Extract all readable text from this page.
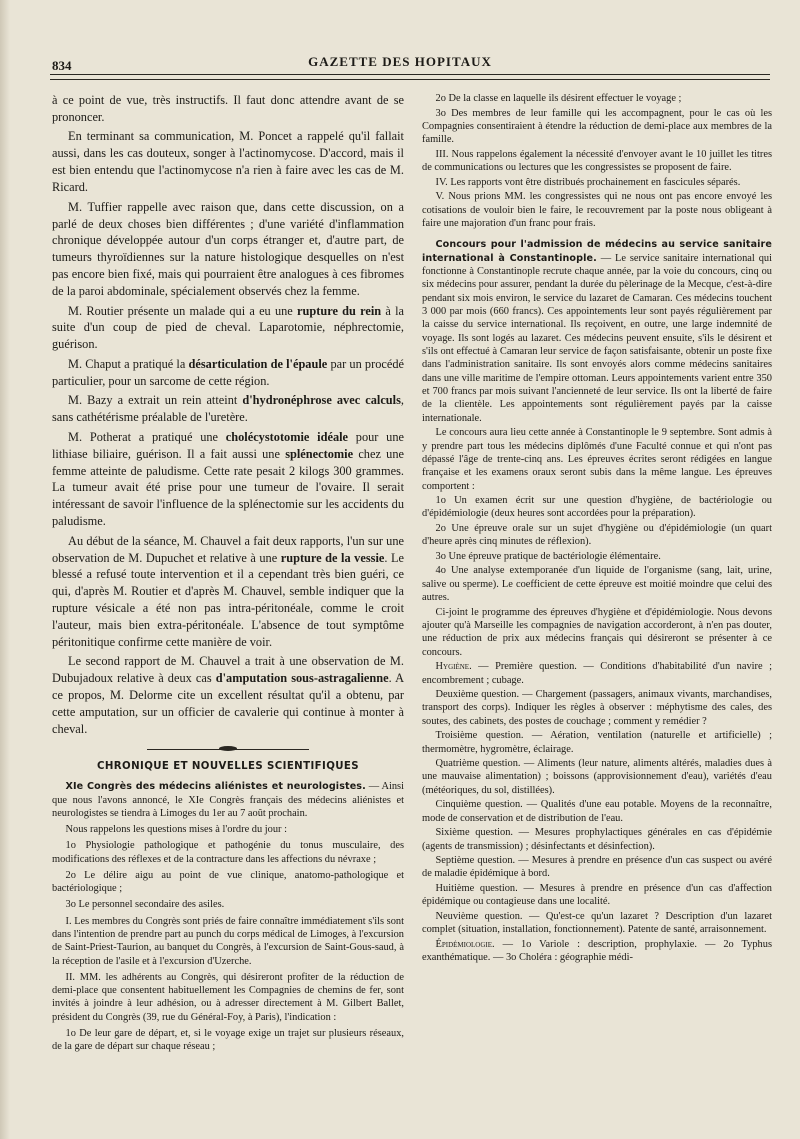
834	GAZETTE DES HOPITAUX

à ce point de vue, très instructifs. Il faut donc attendre avant de se prononcer.

En terminant sa communication, M. Poncet a rappelé qu'il fallait aussi, dans les cas douteux, songer à l'actinomycose. D'accord, mais il est bien entendu que l'actinomycose n'a rien à faire avec les cas de M. Ricard.

M. Tuffier rappelle avec raison que, dans cette discussion, on a parlé de deux choses bien différentes ; d'une variété d'inflammation chronique développée autour d'un corps étranger et, d'autre part, de tumeurs thyroïdiennes sur la nature histologique desquelles on n'est pas encore bien fixé, mais qui pourraient être analogues à ces fibromes de la paroi abdominale, spécialement observés chez la femme.

M. Routier présente un malade qui a eu une rupture du rein à la suite d'un coup de pied de cheval. Laparotomie, néphrectomie, guérison.

M. Chaput a pratiqué la désarticulation de l'épaule par un procédé particulier, pour un sarcome de cette région.

M. Bazy a extrait un rein atteint d'hydronéphrose avec calculs, sans cathétérisme préalable de l'uretère.

M. Potherat a pratiqué une cholécystotomie idéale pour une lithiase biliaire, guérison. Il a fait aussi une splénectomie chez une femme atteinte de paludisme. Cette rate pesait 2 kilogs 300 grammes. La tumeur avait été prise pour une tumeur de l'ovaire. Il serait intéressant de savoir l'influence de la splénectomie sur les accidents du paludisme.

Au début de la séance, M. Chauvel a fait deux rapports, l'un sur une observation de M. Dupuchet et relative à une rupture de la vessie. Le blessé a refusé toute intervention et il a cependant très bien guéri, ce qui, d'après M. Routier et d'après M. Chauvel, semble indiquer que la rupture vésicale a été non pas intra-péritonéale, comme le croit l'auteur, mais bien extra-péritonéale. L'absence de tout symptôme péritonitique confirme cette manière de voir.

Le second rapport de M. Chauvel a trait à une observation de M. Dubujadoux relative à deux cas d'amputation sous-astragalienne. A ce propos, M. Delorme cite un excellent résultat qu'il a obtenu, par cette amputation, sur un officier de cavalerie qui continue à monter à cheval.

CHRONIQUE ET NOUVELLES SCIENTIFIQUES

XIe Congrès des médecins aliénistes et neurologistes. — Ainsi que nous l'avons annoncé, le XIe Congrès français des médecins aliénistes et neurologistes se tiendra à Limoges du 1er au 7 août prochain.

Nous rappelons les questions mises à l'ordre du jour :

1o Physiologie pathologique et pathogénie du tonus musculaire, des modifications des réflexes et de la contracture dans les affections du névraxe ;

2o Le délire aigu au point de vue clinique, anatomo-pathologique et bactériologique ;

3o Le personnel secondaire des asiles.

I. Les membres du Congrès sont priés de faire connaître immédiatement s'ils sont dans l'intention de prendre part au punch du corps médical de Limoges, à l'excursion de Saint-Priest-Taurion, au banquet du Congrès, à l'excursion de Saint-Gous-saud, à la réception de l'asile et à l'excursion d'Uzerche.

II. MM. les adhérents au Congrès, qui désireront profiter de la réduction de demi-place que consentent habituellement les Compagnies de chemins de fer, sont invités à joindre à leur adhésion, ou à adresser directement à M. Gilbert Ballet, président du Congrès (39, rue du Général-Foy, à Paris), l'indication :

1o De leur gare de départ, et, si le voyage exige un trajet sur plusieurs réseaux, de la gare de départ sur chaque réseau ;

2o De la classe en laquelle ils désirent effectuer le voyage ;

3o Des membres de leur famille qui les accompagnent, pour le cas où les Compagnies consentiraient à étendre la réduction de demi-place aux membres de la famille.

III. Nous rappelons également la nécessité d'envoyer avant le 10 juillet les titres de communications ou lectures que les congressistes se proposent de faire.

IV. Les rapports vont être distribués prochainement en fascicules séparés.

V. Nous prions MM. les congressistes qui ne nous ont pas encore envoyé les cotisations de vouloir bien le faire, le recouvrement par la poste nous obligeant à faire une majoration d'un franc pour frais.

Concours pour l'admission de médecins au service sanitaire international à Constantinople. — Le service sanitaire international qui fonctionne à Constantinople recrute chaque année, par la voie du concours, cinq ou six médecins pour assurer, pendant la durée du pèlerinage de la Mecque, c'est-à-dire pendant six mois environ, le service du lazaret de Camaran. Ces médecins touchent 3 000 par mois (660 francs). Ces appointements leur sont payés régulièrement par la caisse du service international. Ils reçoivent, en outre, une large indemnité de voyage. Ils sont logés au lazaret. Ces médecins peuvent ensuite, s'ils le désirent et s'ils ont effectué à Camaran leur service de façon satisfaisante, obtenir un poste fixe dans l'administration sanitaire. Ils sont envoyés alors comme médecins sanitaires dans une ville maritime de l'empire ottoman. Leurs appointements varient entre 350 et 700 francs par mois suivant l'ancienneté de leur service. Ils ont la liberté de faire de la clientèle. Les appointements sont régulièrement payés par la caisse internationale.

Le concours aura lieu cette année à Constantinople le 9 septembre. Sont admis à y prendre part tous les médecins diplômés d'une Faculté connue et qui n'ont pas dépassé l'âge de trente-cinq ans. Les épreuves écrites seront rédigées en langue française et les examens oraux seront subis dans la même langue. Les épreuves comportent :

1o Un examen écrit sur une question d'hygiène, de bactériologie ou d'épidémiologie (deux heures sont accordées pour la préparation).

2o Une épreuve orale sur un sujet d'hygiène ou d'épidémiologie (un quart d'heure après cinq minutes de réflexion).

3o Une épreuve pratique de bactériologie élémentaire.

4o Une analyse extemporanée d'un liquide de l'organisme (sang, lait, urine, salive ou sperme). Le coefficient de cette épreuve est moitié moindre que celui des autres.

Ci-joint le programme des épreuves d'hygiène et d'épidémiologie. Nous devons ajouter qu'à Marseille les compagnies de navigation accorderont, à n'en pas douter, une réduction de prix aux médecins français qui désireront se présenter à ce concours.

Hygiène. — Première question. — Conditions d'habitabilité d'un navire ; encombrement ; cubage.

Deuxième question. — Chargement (passagers, animaux vivants, marchandises, transport des corps). Indiquer les règles à observer : méphytisme des cales, des soutes, des cabinets, des postes de couchage ; comment y remédier ?

Troisième question. — Aération, ventilation (naturelle et artificielle) ; thermomètre, hygromètre, éclairage.

Quatrième question. — Aliments (leur nature, aliments altérés, maladies dues à une mauvaise alimentation) ; boissons (approvisionnement d'eau), variétés d'eau (météoriques, du sol, distillées).

Cinquième question. — Qualités d'une eau potable. Moyens de la reconnaître, mode de conservation et de distribution de l'eau.

Sixième question. — Mesures prophylactiques générales en cas d'épidémie (agents de transmission) ; désinfectants et désinfection).

Septième question. — Mesures à prendre en présence d'un cas suspect ou avéré de maladie épidémique à bord.

Huitième question. — Mesures à prendre en présence d'un cas d'affection épidémique ou contagieuse dans une localité.

Neuvième question. — Qu'est-ce qu'un lazaret ? Description d'un lazaret complet (situation, installation, fonctionnement). Patente de santé, arraisonnement.

Épidémiologie. — 1o Variole : description, prophylaxie. — 2o Typhus exanthématique. — 3o Choléra : géographie médi-
